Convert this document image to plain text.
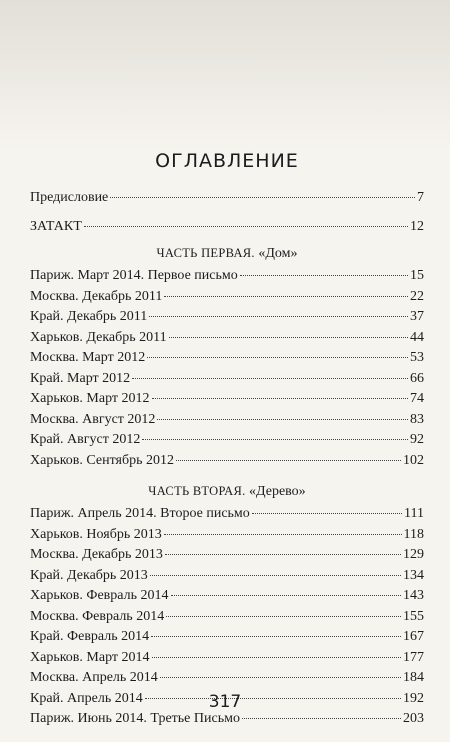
ОГЛАВЛЕНИЕ
Предисловие	7
ЗАТАКТ	12
ЧАСТЬ ПЕРВАЯ. «Дом»
Париж. Март 2014. Первое письмо	15
Москва. Декабрь 2011	22
Край. Декабрь 2011	37
Харьков. Декабрь 2011	44
Москва. Март 2012	53
Край. Март 2012	66
Харьков. Март 2012	74
Москва. Август 2012	83
Край. Август 2012	92
Харьков. Сентябрь 2012	102
ЧАСТЬ ВТОРАЯ. «Дерево»
Париж. Апрель 2014. Второе письмо	111
Харьков. Ноябрь 2013	118
Москва. Декабрь 2013	129
Край. Декабрь 2013	134
Харьков. Февраль 2014	143
Москва. Февраль 2014	155
Край. Февраль 2014	167
Харьков. Март 2014	177
Москва. Апрель 2014	184
Край. Апрель 2014	192
Париж. Июнь 2014. Третье Письмо	203
317
